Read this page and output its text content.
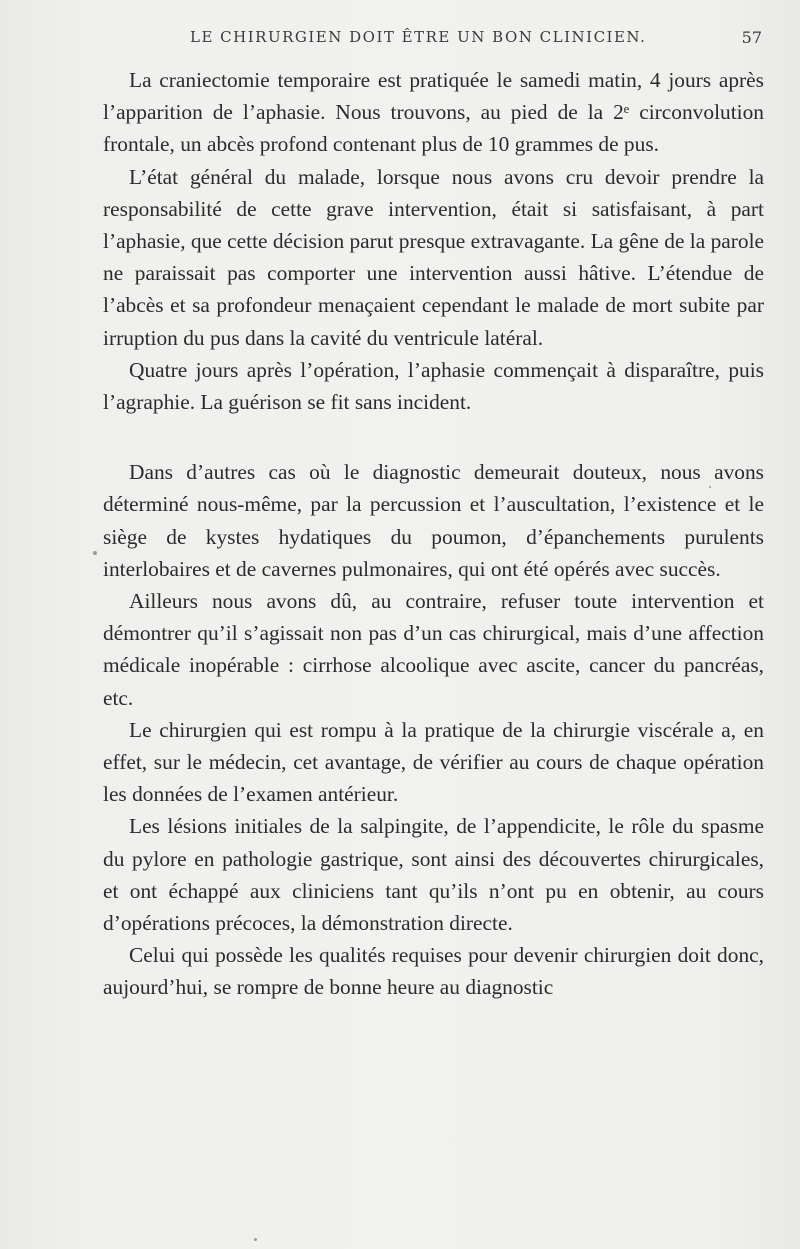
LE CHIRURGIEN DOIT ÊTRE UN BON CLINICIEN.	57

La craniectomie temporaire est pratiquée le samedi matin, 4 jours après l’apparition de l’aphasie. Nous trouvons, au pied de la 2ᵉ circonvolution frontale, un abcès profond contenant plus de 10 grammes de pus.

L’état général du malade, lorsque nous avons cru devoir prendre la responsabilité de cette grave intervention, était si satisfaisant, à part l’aphasie, que cette décision parut presque extravagante. La gêne de la parole ne paraissait pas comporter une intervention aussi hâtive. L’étendue de l’abcès et sa profondeur menaçaient cependant le malade de mort subite par irruption du pus dans la cavité du ventricule latéral.

Quatre jours après l’opération, l’aphasie commençait à disparaître, puis l’agraphie. La guérison se fit sans incident.

Dans d’autres cas où le diagnostic demeurait douteux, nous avons déterminé nous-même, par la percussion et l’auscultation, l’existence et le siège de kystes hydatiques du poumon, d’épanchements purulents interlobaires et de cavernes pulmonaires, qui ont été opérés avec succès.

Ailleurs nous avons dû, au contraire, refuser toute intervention et démontrer qu’il s’agissait non pas d’un cas chirurgical, mais d’une affection médicale inopérable : cirrhose alcoolique avec ascite, cancer du pancréas, etc.

Le chirurgien qui est rompu à la pratique de la chirurgie viscérale a, en effet, sur le médecin, cet avantage, de vérifier au cours de chaque opération les données de l’examen antérieur.

Les lésions initiales de la salpingite, de l’appendicite, le rôle du spasme du pylore en pathologie gastrique, sont ainsi des découvertes chirurgicales, et ont échappé aux cliniciens tant qu’ils n’ont pu en obtenir, au cours d’opérations précoces, la démonstration directe.

Celui qui possède les qualités requises pour devenir chirurgien doit donc, aujourd’hui, se rompre de bonne heure au diagnostic
